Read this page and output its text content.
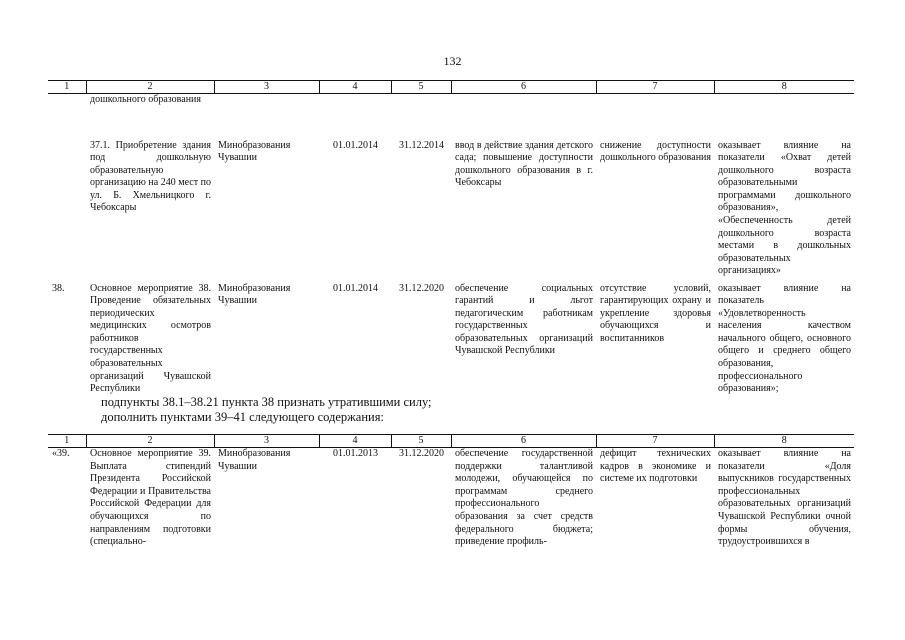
132
1	2	3	4	5	6	7	8
	дошкольного образования						
	37.1. Приобретение здания под дошкольную образовательную организацию на 240 мест по ул. Б. Хмельницкого г. Чебоксары	Минобразования Чувашии	01.01.2014	31.12.2014	ввод в действие здания детского сада; повышение доступности дошкольного образования в г. Чебоксары	снижение доступности дошкольного образования	оказывает влияние на показатели «Охват детей дошкольного возраста образовательными программами дошкольного образования», «Обеспеченность детей дошкольного возраста местами в дошкольных образовательных организациях»
38.	Основное мероприятие 38. Проведение обязательных периодических медицинских осмотров работников государственных образовательных организаций Чувашской Республики	Минобразования Чувашии	01.01.2014	31.12.2020	обеспечение социальных гарантий и льгот педагогическим работникам государственных образовательных организаций Чувашской Республики	отсутствие условий, гарантирующих охрану и укрепление здоровья обучающихся и воспитанников	оказывает влияние на показатель «Удовлетворенность населения качеством начального общего, основного общего и среднего общего образования, профессионального образования»;
подпункты 38.1–38.21 пункта 38 признать утратившими силу;
дополнить пунктами 39–41 следующего содержания:
1	2	3	4	5	6	7	8
«39.	Основное мероприятие 39. Выплата стипендий Президента Российской Федерации и Правительства Российской Федерации для обучающихся по направлениям подготовки (специально-	Минобразования Чувашии	01.01.2013	31.12.2020	обеспечение государственной поддержки талантливой молодежи, обучающейся по программам среднего профессионального образования за счет средств федерального бюджета; приведение профиль-	дефицит технических кадров в экономике и системе их подготовки	оказывает влияние на показатели «Доля выпускников государственных профессиональных образовательных организаций Чувашской Республики очной формы обучения, трудоустроившихся в
